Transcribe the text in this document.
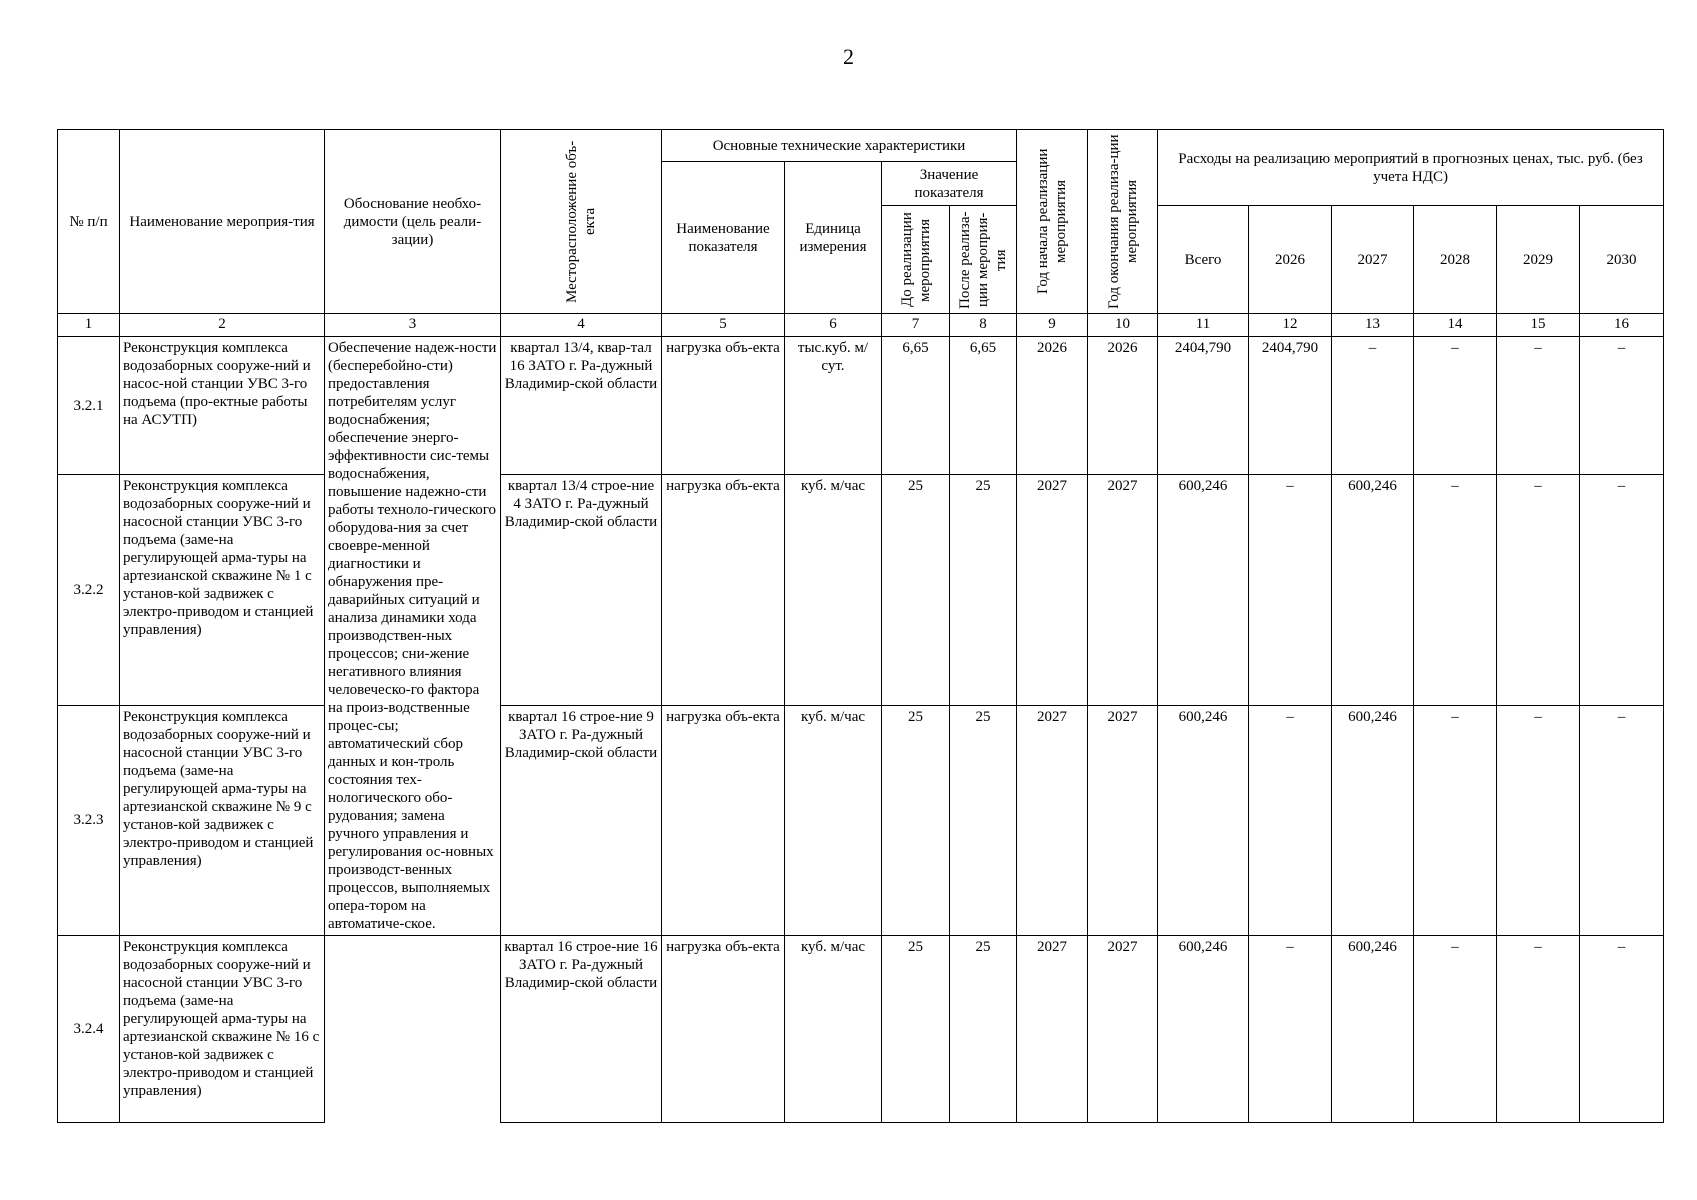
2
№ п/п	Наименование мероприя-тия	Обоснование необхо-димости (цель реали-зации)	Месторасположение объ-екта	Основные технические характеристики				Год начала реализации мероприятия	Год окончания реализа-ции мероприятия	Расходы на реализацию мероприятий в прогнозных ценах, тыс. руб. (без учета НДС)					
				Наименование показателя	Единица измерения	Значение показателя									

						До реализации мероприятия	После реализа-ции мероприя-тия			Всего	2026	2027	2028	2029	2030
1	2	3	4	5	6	7	8	9	10	11	12	13	14	15	16
3.2.1	Реконструкция комплекса водозаборных сооруже-ний и насос-ной станции УВС 3-го подъема (про-ектные работы на АСУТП)	Обеспечение надеж-ности (бесперебойно-сти) предоставления потребителям услуг водоснабжения; обеспечение энерго-эффективности сис-темы водоснабжения, повышение надежно-сти работы техноло-гического оборудова-ния за счет своевре-менной диагностики и обнаружения пре-даварийных ситуаций и анализа динамики хода производствен-ных процессов; сни-жение негативного влияния человеческо-го фактора на произ-водственные процес-сы; автоматический сбор данных и кон-троль состояния тех-нологического обо-рудования; замена ручного управления и регулирования ос-новных производст-венных процессов, выполняемых опера-тором на автоматиче-ское.	квартал 13/4, квар-тал 16 ЗАТО г. Ра-дужный Владимир-ской области	нагрузка объ-екта	тыс.куб. м/сут.	6,65	6,65	2026	2026	2404,790	2404,790	–	–	–	–
3.2.2	Реконструкция комплекса водозаборных сооруже-ний и насосной станции УВС 3-го подъема (заме-на регулирующей арма-туры на артезианской скважине № 1 с установ-кой задвижек с электро-приводом и станцией управления)		квартал 13/4 строе-ние 4 ЗАТО г. Ра-дужный Владимир-ской области	нагрузка объ-екта	куб. м/час	25	25	2027	2027	600,246	–	600,246	–	–	–
3.2.3	Реконструкция комплекса водозаборных сооруже-ний и насосной станции УВС 3-го подъема (заме-на регулирующей арма-туры на артезианской скважине № 9 с установ-кой задвижек с электро-приводом и станцией управления)		квартал 16 строе-ние 9 ЗАТО г. Ра-дужный Владимир-ской области	нагрузка объ-екта	куб. м/час	25	25	2027	2027	600,246	–	600,246	–	–	–
3.2.4	Реконструкция комплекса водозаборных сооруже-ний и насосной станции УВС 3-го подъема (заме-на регулирующей арма-туры на артезианской скважине № 16 с установ-кой задвижек с электро-приводом и станцией управления)		квартал 16 строе-ние 16 ЗАТО г. Ра-дужный Владимир-ской области	нагрузка объ-екта	куб. м/час	25	25	2027	2027	600,246	–	600,246	–	–	–
